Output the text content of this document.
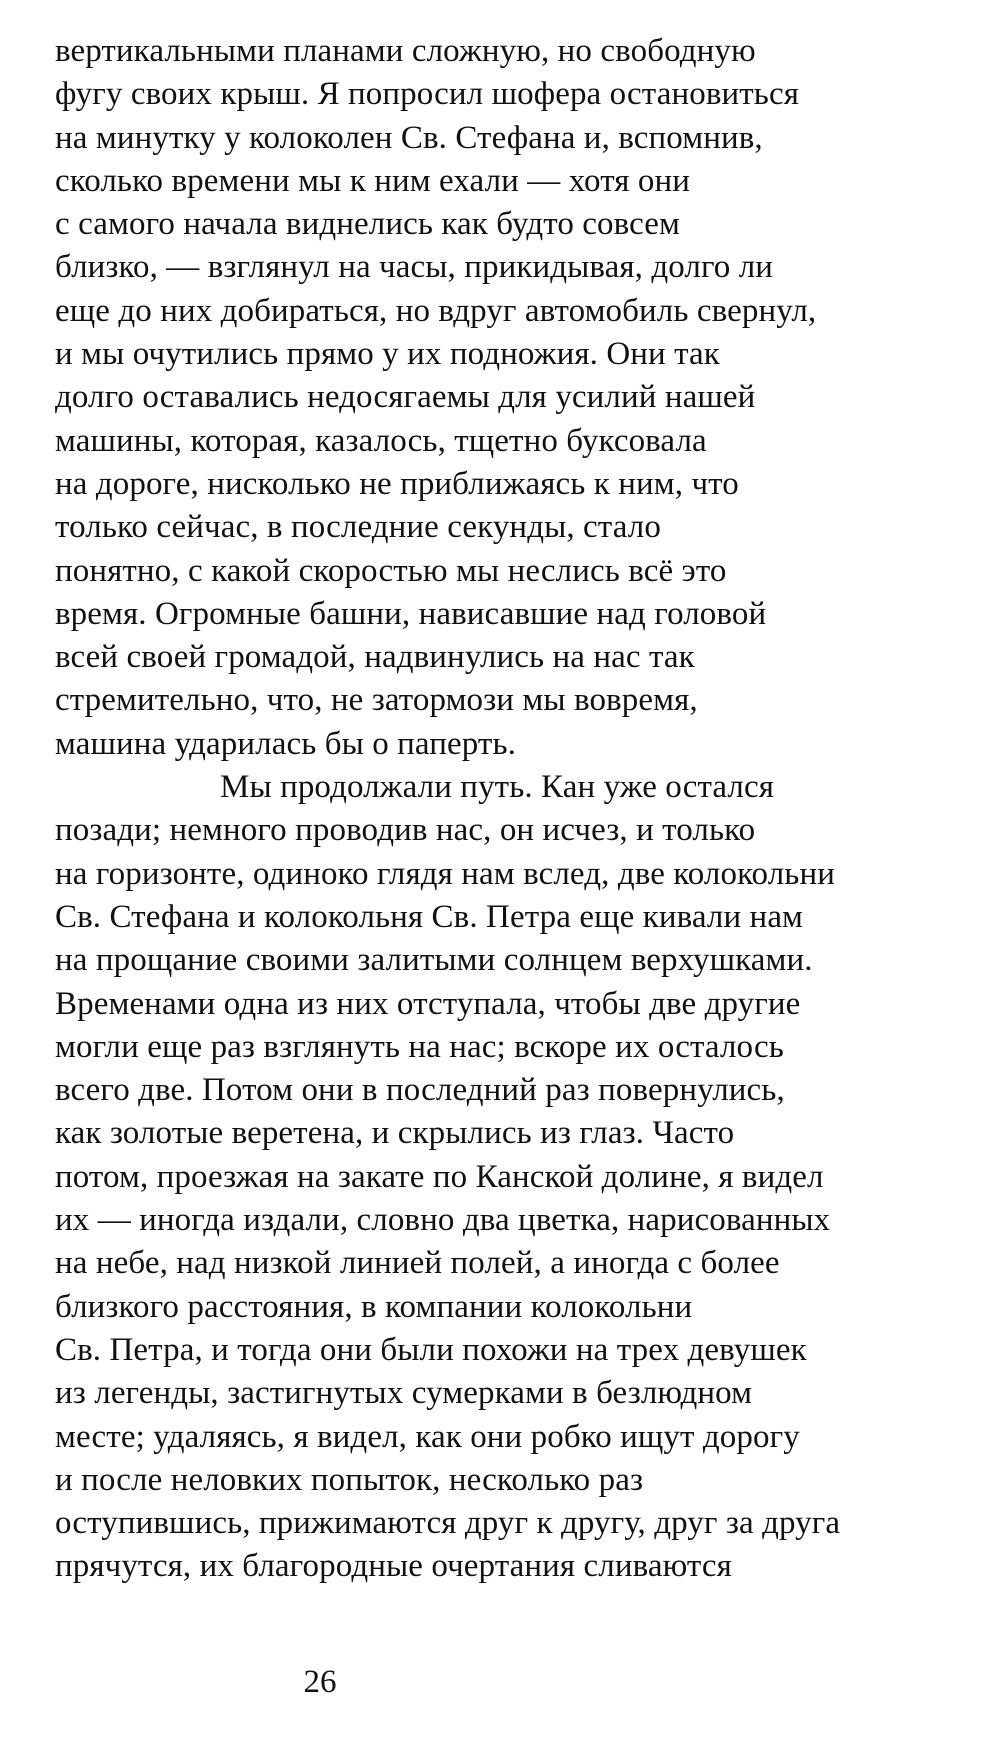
вертикальными планами сложную, но свободную
фугу своих крыш. Я попросил шофера остановиться
на минутку у колоколен Св. Стефана и, вспомнив,
сколько времени мы к ним ехали — хотя они
с самого начала виднелись как будто совсем
близко, — взглянул на часы, прикидывая, долго ли
еще до них добираться, но вдруг автомобиль свернул,
и мы очутились прямо у их подножия. Они так
долго оставались недосягаемы для усилий нашей
машины, которая, казалось, тщетно буксовала
на дороге, нисколько не приближаясь к ним, что
только сейчас, в последние секунды, стало
понятно, с какой скоростью мы неслись всё это
время. Огромные башни, нависавшие над головой
всей своей громадой, надвинулись на нас так
стремительно, что, не затормози мы вовремя,
машина ударилась бы о паперть.
Мы продолжали путь. Кан уже остался
позади; немного проводив нас, он исчез, и только
на горизонте, одиноко глядя нам вслед, две колокольни
Св. Стефана и колокольня Св. Петра еще кивали нам
на прощание своими залитыми солнцем верхушками.
Временами одна из них отступала, чтобы две другие
могли еще раз взглянуть на нас; вскоре их осталось
всего две. Потом они в последний раз повернулись,
как золотые веретена, и скрылись из глаз. Часто
потом, проезжая на закате по Канской долине, я видел
их — иногда издали, словно два цветка, нарисованных
на небе, над низкой линией полей, а иногда с более
близкого расстояния, в компании колокольни
Св. Петра, и тогда они были похожи на трех девушек
из легенды, застигнутых сумерками в безлюдном
месте; удаляясь, я видел, как они робко ищут дорогу
и после неловких попыток, несколько раз
оступившись, прижимаются друг к другу, друг за друга
прячутся, их благородные очертания сливаются
26
